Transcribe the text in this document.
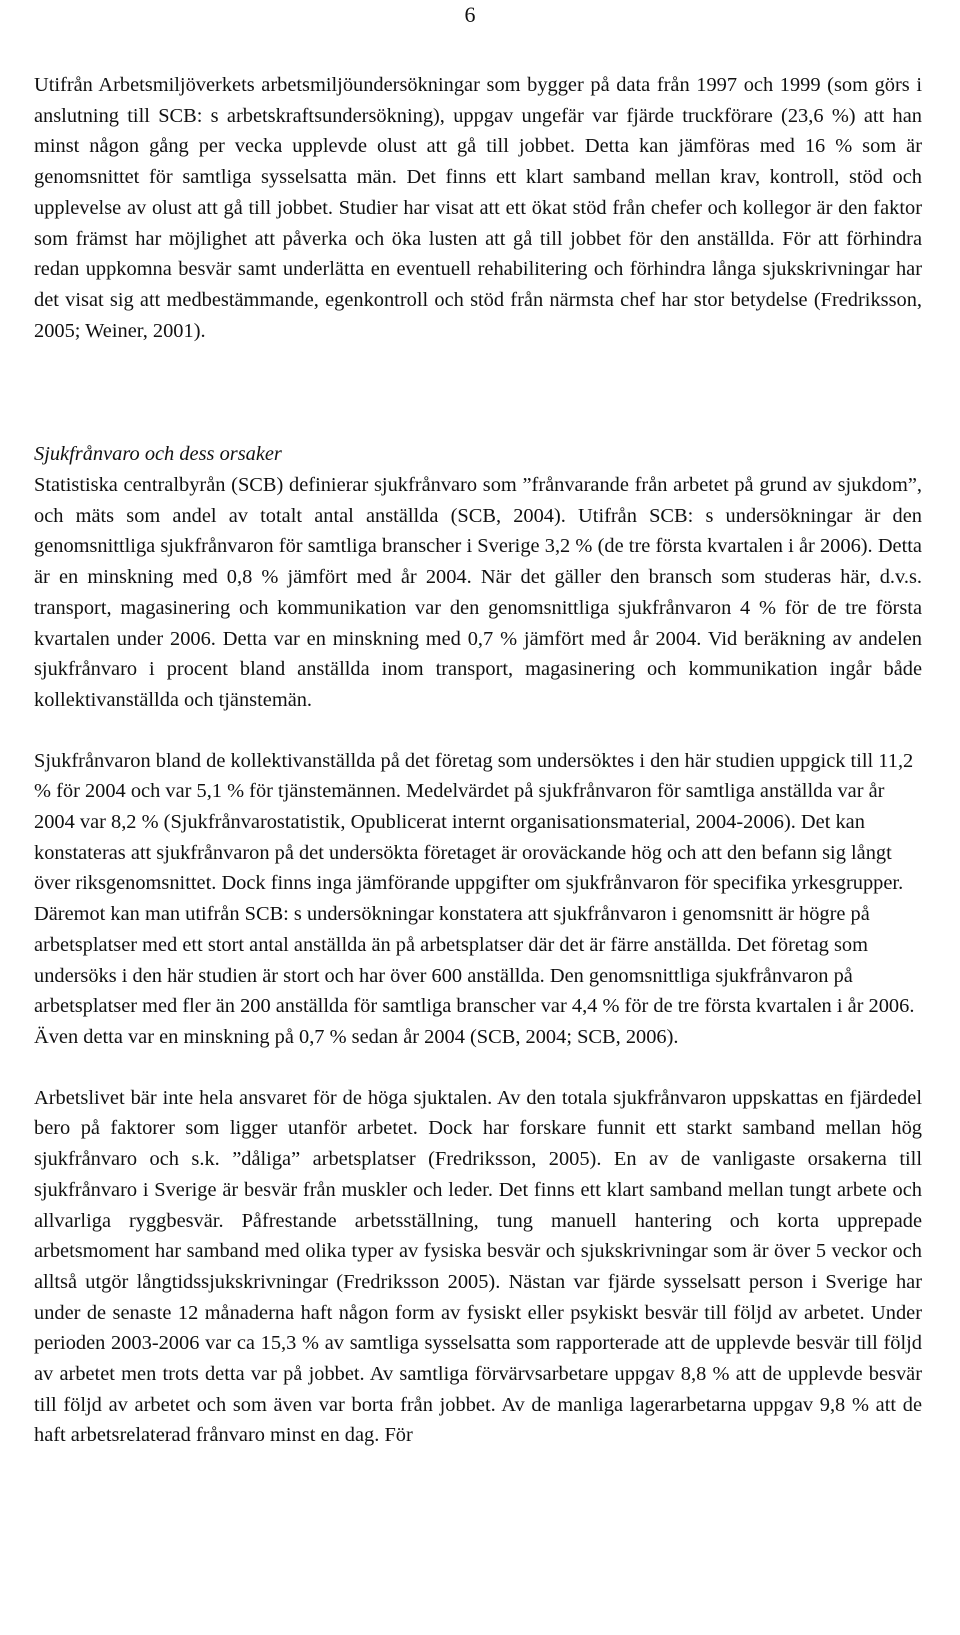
6

Utifrån Arbetsmiljöverkets arbetsmiljöundersökningar som bygger på data från 1997 och 1999 (som görs i anslutning till SCB: s arbetskraftsundersökning), uppgav ungefär var fjärde truckförare (23,6 %) att han minst någon gång per vecka upplevde olust att gå till jobbet. Detta kan jämföras med 16 % som är genomsnittet för samtliga sysselsatta män. Det finns ett klart samband mellan krav, kontroll, stöd och upplevelse av olust att gå till jobbet. Studier har visat att ett ökat stöd från chefer och kollegor är den faktor som främst har möjlighet att påverka och öka lusten att gå till jobbet för den anställda. För att förhindra redan uppkomna besvär samt underlätta en eventuell rehabilitering och förhindra långa sjukskrivningar har det visat sig att medbestämmande, egenkontroll och stöd från närmsta chef har stor betydelse (Fredriksson, 2005; Weiner, 2001).

Sjukfrånvaro och dess orsaker

Statistiska centralbyrån (SCB) definierar sjukfrånvaro som ”frånvarande från arbetet på grund av sjukdom”, och mäts som andel av totalt antal anställda (SCB, 2004). Utifrån SCB: s undersökningar är den genomsnittliga sjukfrånvaron för samtliga branscher i Sverige 3,2 % (de tre första kvartalen i år 2006). Detta är en minskning med 0,8 % jämfört med år 2004. När det gäller den bransch som studeras här, d.v.s. transport, magasinering och kommunikation var den genomsnittliga sjukfrånvaron 4 % för de tre första kvartalen under 2006. Detta var en minskning med 0,7 % jämfört med år 2004. Vid beräkning av andelen sjukfrånvaro i procent bland anställda inom transport, magasinering och kommunikation ingår både kollektivanställda och tjänstemän.

Sjukfrånvaron bland de kollektivanställda på det företag som undersöktes i den här studien uppgick till 11,2 % för 2004 och var 5,1 % för tjänstemännen. Medelvärdet på sjukfrånvaron för samtliga anställda var år 2004 var 8,2 % (Sjukfrånvarostatistik, Opublicerat internt organisationsmaterial, 2004-2006). Det kan konstateras att sjukfrånvaron på det undersökta företaget är oroväckande hög och att den befann sig långt över riksgenomsnittet. Dock finns inga jämförande uppgifter om sjukfrånvaron för specifika yrkesgrupper. Däremot kan man utifrån SCB: s undersökningar konstatera att sjukfrånvaron i genomsnitt är högre på arbetsplatser med ett stort antal anställda än på arbetsplatser där det är färre anställda. Det företag som undersöks i den här studien är stort och har över 600 anställda. Den genomsnittliga sjukfrånvaron på arbetsplatser med fler än 200 anställda för samtliga branscher var 4,4 % för de tre första kvartalen i år 2006. Även detta var en minskning på 0,7 % sedan år 2004 (SCB, 2004; SCB, 2006).

Arbetslivet bär inte hela ansvaret för de höga sjuktalen. Av den totala sjukfrånvaron uppskattas en fjärdedel bero på faktorer som ligger utanför arbetet. Dock har forskare funnit ett starkt samband mellan hög sjukfrånvaro och s.k. ”dåliga” arbetsplatser (Fredriksson, 2005). En av de vanligaste orsakerna till sjukfrånvaro i Sverige är besvär från muskler och leder. Det finns ett klart samband mellan tungt arbete och allvarliga ryggbesvär. Påfrestande arbetsställning, tung manuell hantering och korta upprepade arbetsmoment har samband med olika typer av fysiska besvär och sjukskrivningar som är över 5 veckor och alltså utgör långtidssjukskrivningar (Fredriksson 2005). Nästan var fjärde sysselsatt person i Sverige har under de senaste 12 månaderna haft någon form av fysiskt eller psykiskt besvär till följd av arbetet. Under perioden 2003-2006 var ca 15,3 % av samtliga sysselsatta som rapporterade att de upplevde besvär till följd av arbetet men trots detta var på jobbet. Av samtliga förvärvsarbetare uppgav 8,8 % att de upplevde besvär till följd av arbetet och som även var borta från jobbet. Av de manliga lagerarbetarna uppgav 9,8 % att de haft arbetsrelaterad frånvaro minst en dag. För
